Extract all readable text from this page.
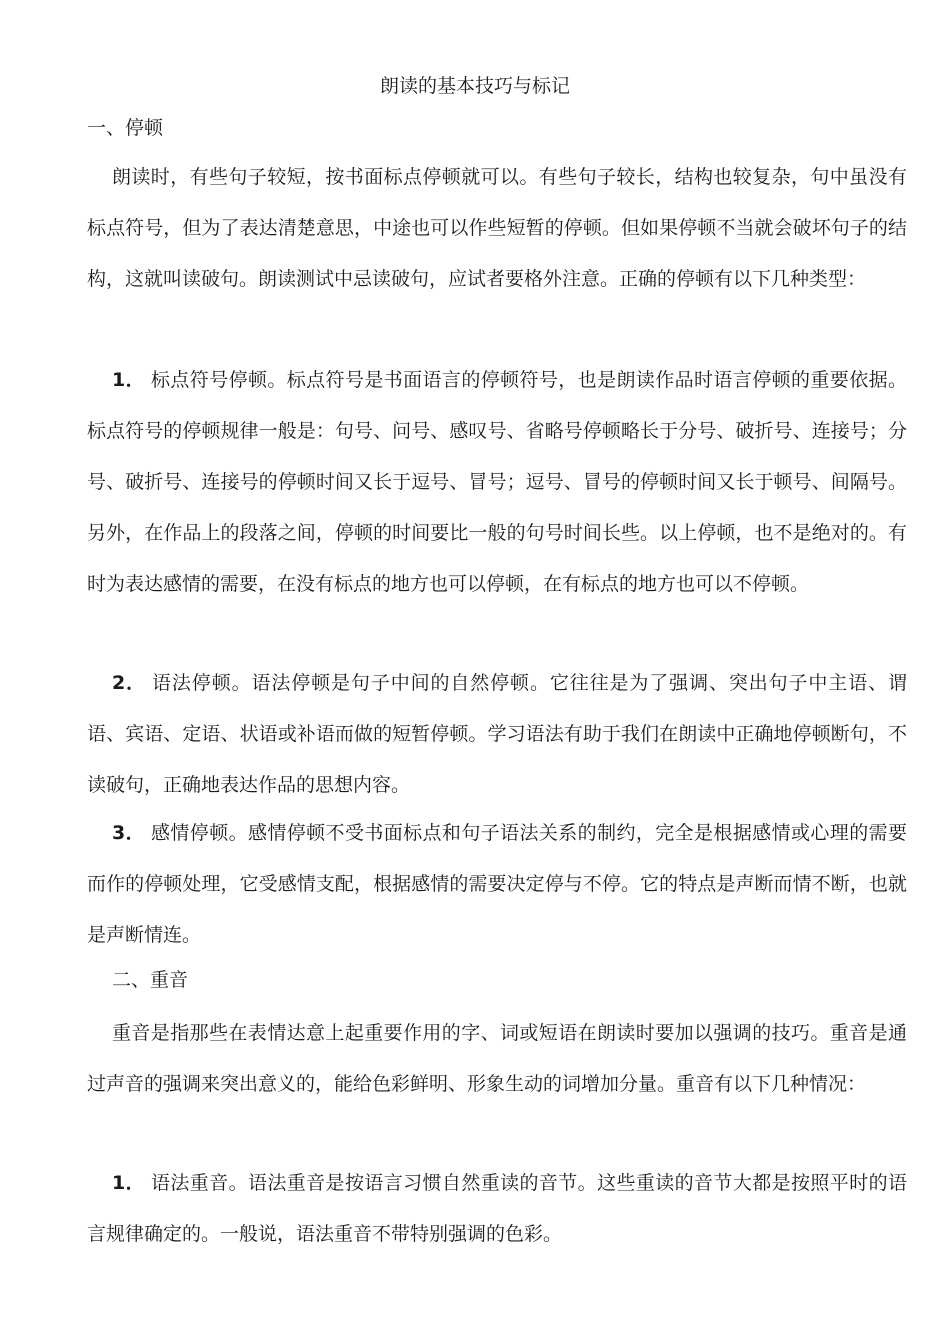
朗读的基本技巧与标记
一、停顿

朗读时，有些句子较短，按书面标点停顿就可以。有些句子较长，结构也较复杂，句中虽没有标点符号，但为了表达清楚意思，中途也可以作些短暂的停顿。但如果停顿不当就会破坏句子的结构，这就叫读破句。朗读测试中忌读破句，应试者要格外注意。正确的停顿有以下几种类型：

1． 标点符号停顿。标点符号是书面语言的停顿符号，也是朗读作品时语言停顿的重要依据。标点符号的停顿规律一般是：句号、问号、感叹号、省略号停顿略长于分号、破折号、连接号；分号、破折号、连接号的停顿时间又长于逗号、冒号；逗号、冒号的停顿时间又长于顿号、间隔号。另外，在作品上的段落之间，停顿的时间要比一般的句号时间长些。以上停顿，也不是绝对的。有时为表达感情的需要，在没有标点的地方也可以停顿，在有标点的地方也可以不停顿。

2． 语法停顿。语法停顿是句子中间的自然停顿。它往往是为了强调、突出句子中主语、谓语、宾语、定语、状语或补语而做的短暂停顿。学习语法有助于我们在朗读中正确地停顿断句，不读破句，正确地表达作品的思想内容。

3． 感情停顿。感情停顿不受书面标点和句子语法关系的制约，完全是根据感情或心理的需要而作的停顿处理，它受感情支配，根据感情的需要决定停与不停。它的特点是声断而情不断，也就是声断情连。

二、重音

重音是指那些在表情达意上起重要作用的字、词或短语在朗读时要加以强调的技巧。重音是通过声音的强调来突出意义的，能给色彩鲜明、形象生动的词增加分量。重音有以下几种情况：

1． 语法重音。语法重音是按语言习惯自然重读的音节。这些重读的音节大都是按照平时的语言规律确定的。一般说，语法重音不带特别强调的色彩。
